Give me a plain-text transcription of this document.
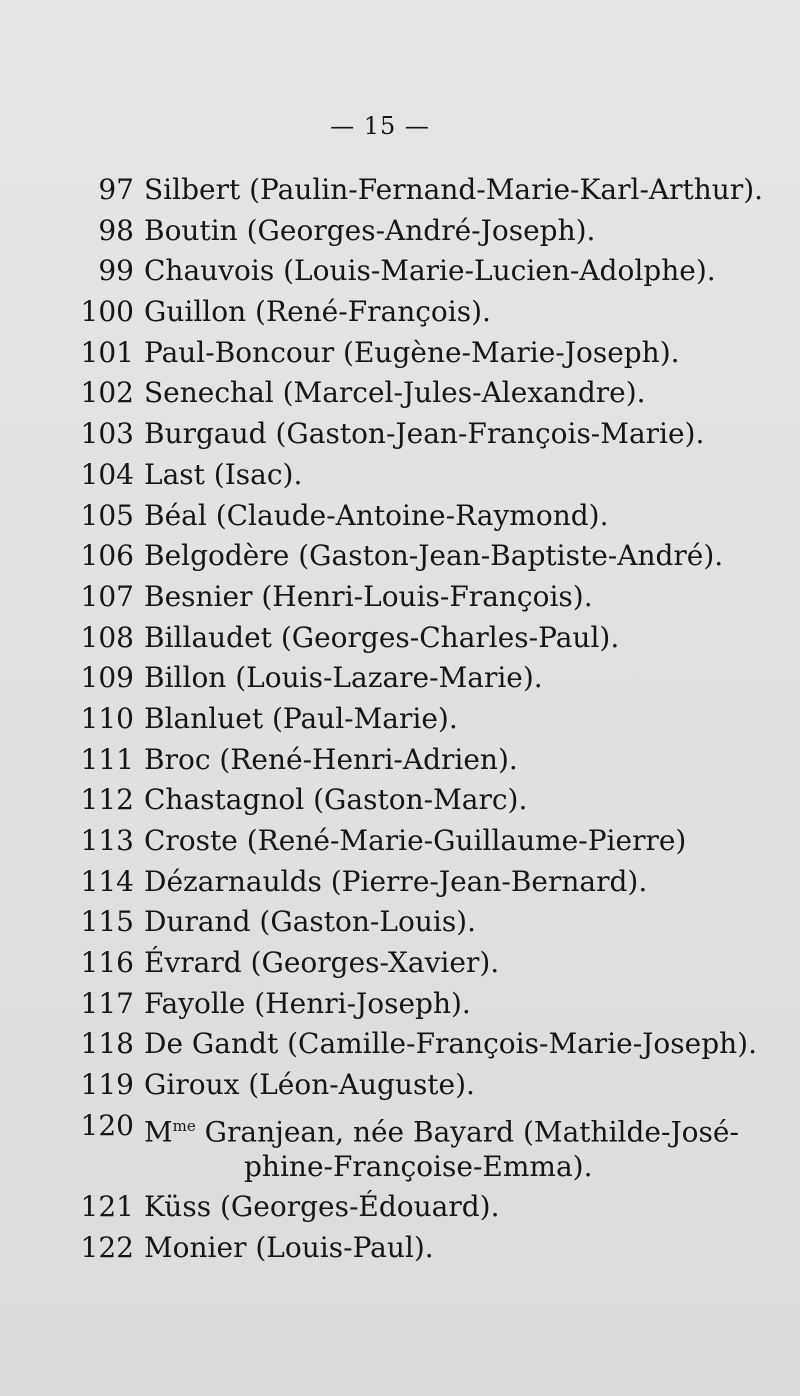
— 15 —
97 Silbert (Paulin-Fernand-Marie-Karl-Arthur).
98 Boutin (Georges-André-Joseph).
99 Chauvois (Louis-Marie-Lucien-Adolphe).
100 Guillon (René-François).
101 Paul-Boncour (Eugène-Marie-Joseph).
102 Senechal (Marcel-Jules-Alexandre).
103 Burgaud (Gaston-Jean-François-Marie).
104 Last (Isac).
105 Béal (Claude-Antoine-Raymond).
106 Belgodère (Gaston-Jean-Baptiste-André).
107 Besnier (Henri-Louis-François).
108 Billaudet (Georges-Charles-Paul).
109 Billon (Louis-Lazare-Marie).
110 Blanluet (Paul-Marie).
111 Broc (René-Henri-Adrien).
112 Chastagnol (Gaston-Marc).
113 Croste (René-Marie-Guillaume-Pierre)
114 Dézarnaulds (Pierre-Jean-Bernard).
115 Durand (Gaston-Louis).
116 Évrard (Georges-Xavier).
117 Fayolle (Henri-Joseph).
118 De Gandt (Camille-François-Marie-Joseph).
119 Giroux (Léon-Auguste).
120 $M^{me}$ Granjean, née Bayard (Mathilde-José-
phine-Françoise-Emma).
121 Küss (Georges-Édouard).
122 Monier (Louis-Paul).
